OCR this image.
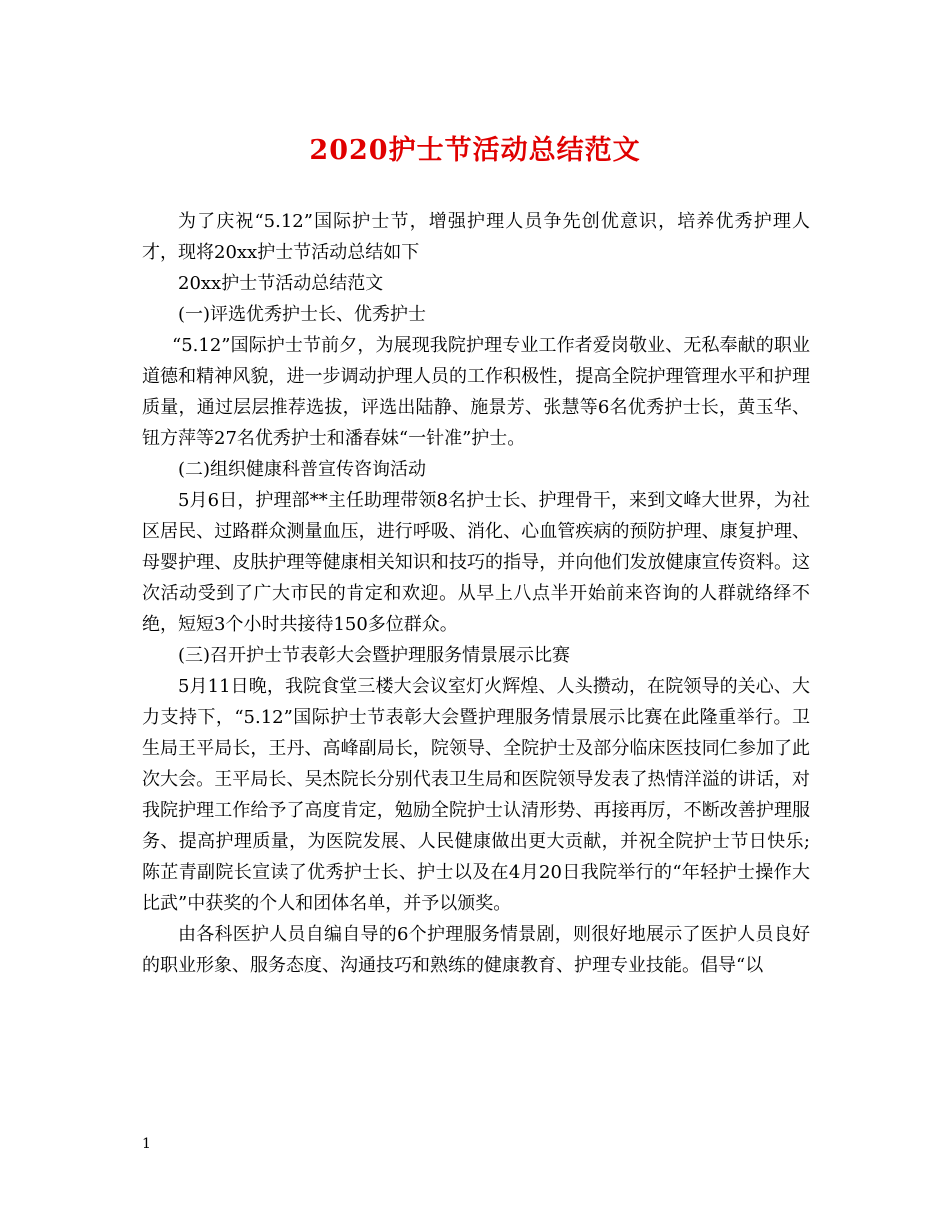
2020护士节活动总结范文

为了庆祝“5.12”国际护士节，增强护理人员争先创优意识，培养优秀护理人才，现将20xx护士节活动总结如下

20xx护士节活动总结范文

(一)评选优秀护士长、优秀护士

“5.12”国际护士节前夕，为展现我院护理专业工作者爱岗敬业、无私奉献的职业道德和精神风貌，进一步调动护理人员的工作积极性，提高全院护理管理水平和护理质量，通过层层推荐选拔，评选出陆静、施景芳、张慧等6名优秀护士长，黄玉华、钮方萍等27名优秀护士和潘春妹“一针准”护士。

(二)组织健康科普宣传咨询活动

5月6日，护理部**主任助理带领8名护士长、护理骨干，来到文峰大世界，为社区居民、过路群众测量血压，进行呼吸、消化、心血管疾病的预防护理、康复护理、母婴护理、皮肤护理等健康相关知识和技巧的指导，并向他们发放健康宣传资料。这次活动受到了广大市民的肯定和欢迎。从早上八点半开始前来咨询的人群就络绎不绝，短短3个小时共接待150多位群众。

(三)召开护士节表彰大会暨护理服务情景展示比赛

5月11日晚，我院食堂三楼大会议室灯火辉煌、人头攒动，在院领导的关心、大力支持下，“5.12”国际护士节表彰大会暨护理服务情景展示比赛在此隆重举行。卫生局王平局长，王丹、高峰副局长，院领导、全院护士及部分临床医技同仁参加了此次大会。王平局长、吴杰院长分别代表卫生局和医院领导发表了热情洋溢的讲话，对我院护理工作给予了高度肯定，勉励全院护士认清形势、再接再厉，不断改善护理服务、提高护理质量，为医院发展、人民健康做出更大贡献，并祝全院护士节日快乐;陈芷青副院长宣读了优秀护士长、护士以及在4月20日我院举行的“年轻护士操作大比武”中获奖的个人和团体名单，并予以颁奖。

由各科医护人员自编自导的6个护理服务情景剧，则很好地展示了医护人员良好的职业形象、服务态度、沟通技巧和熟练的健康教育、护理专业技能。倡导“以

1
